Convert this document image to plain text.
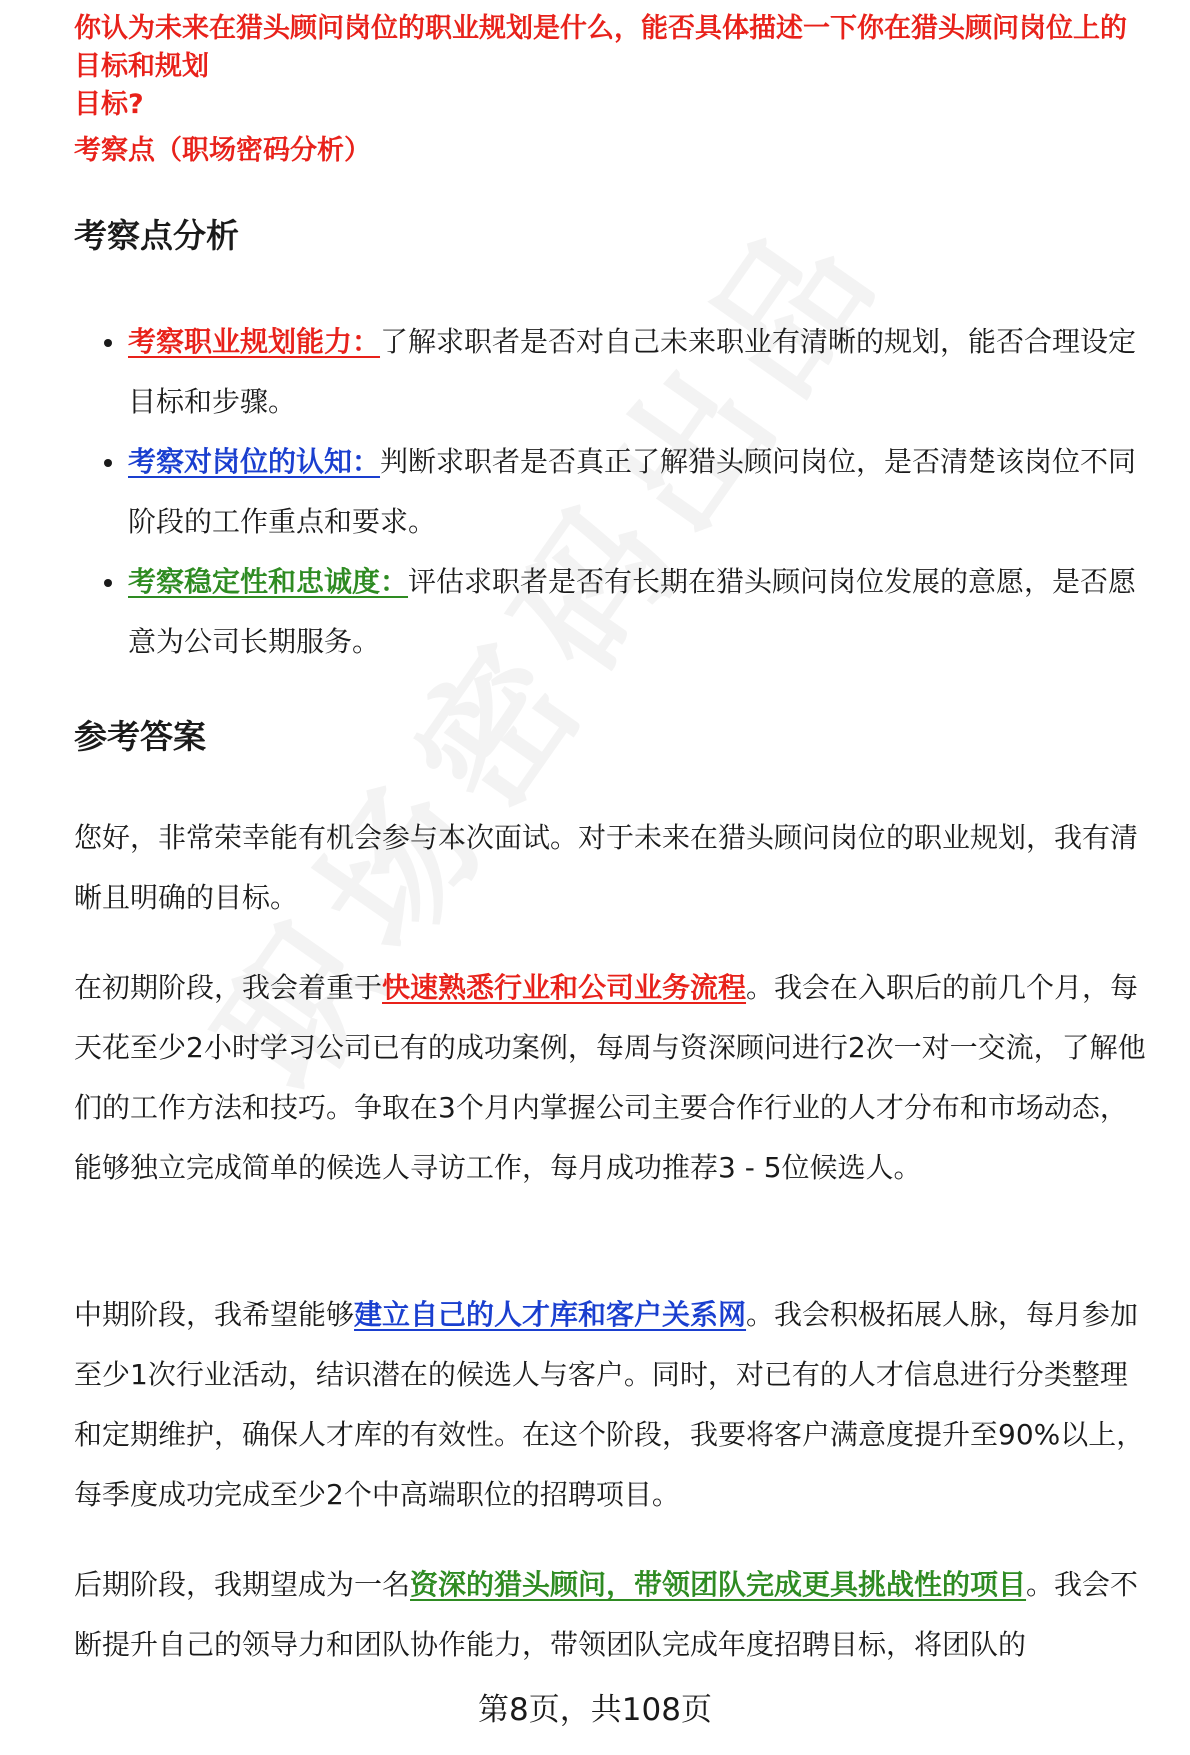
你认为未来在猎头顾问岗位的职业规划是什么，能否具体描述一下你在猎头顾问岗位上的目标和规划
目标?
考察点（职场密码分析）
考察点分析
考察职业规划能力：了解求职者是否对自己未来职业有清晰的规划，能否合理设定目标和步骤。
考察对岗位的认知：判断求职者是否真正了解猎头顾问岗位，是否清楚该岗位不同阶段的工作重点和要求。
考察稳定性和忠诚度：评估求职者是否有长期在猎头顾问岗位发展的意愿，是否愿意为公司长期服务。
参考答案

您好，非常荣幸能有机会参与本次面试。对于未来在猎头顾问岗位的职业规划，我有清晰且明确的目标。

在初期阶段，我会着重于快速熟悉行业和公司业务流程。我会在入职后的前几个月，每天花至少2小时学习公司已有的成功案例，每周与资深顾问进行2次一对一交流，了解他们的工作方法和技巧。争取在3个月内掌握公司主要合作行业的人才分布和市场动态，能够独立完成简单的候选人寻访工作，每月成功推荐3 - 5位候选人。

中期阶段，我希望能够建立自己的人才库和客户关系网。我会积极拓展人脉，每月参加至少1次行业活动，结识潜在的候选人与客户。同时，对已有的人才信息进行分类整理和定期维护，确保人才库的有效性。在这个阶段，我要将客户满意度提升至90%以上，每季度成功完成至少2个中高端职位的招聘项目。

后期阶段，我期望成为一名资深的猎头顾问，带领团队完成更具挑战性的项目。我会不断提升自己的领导力和团队协作能力，带领团队完成年度招聘目标，将团队的

第8页，共108页
